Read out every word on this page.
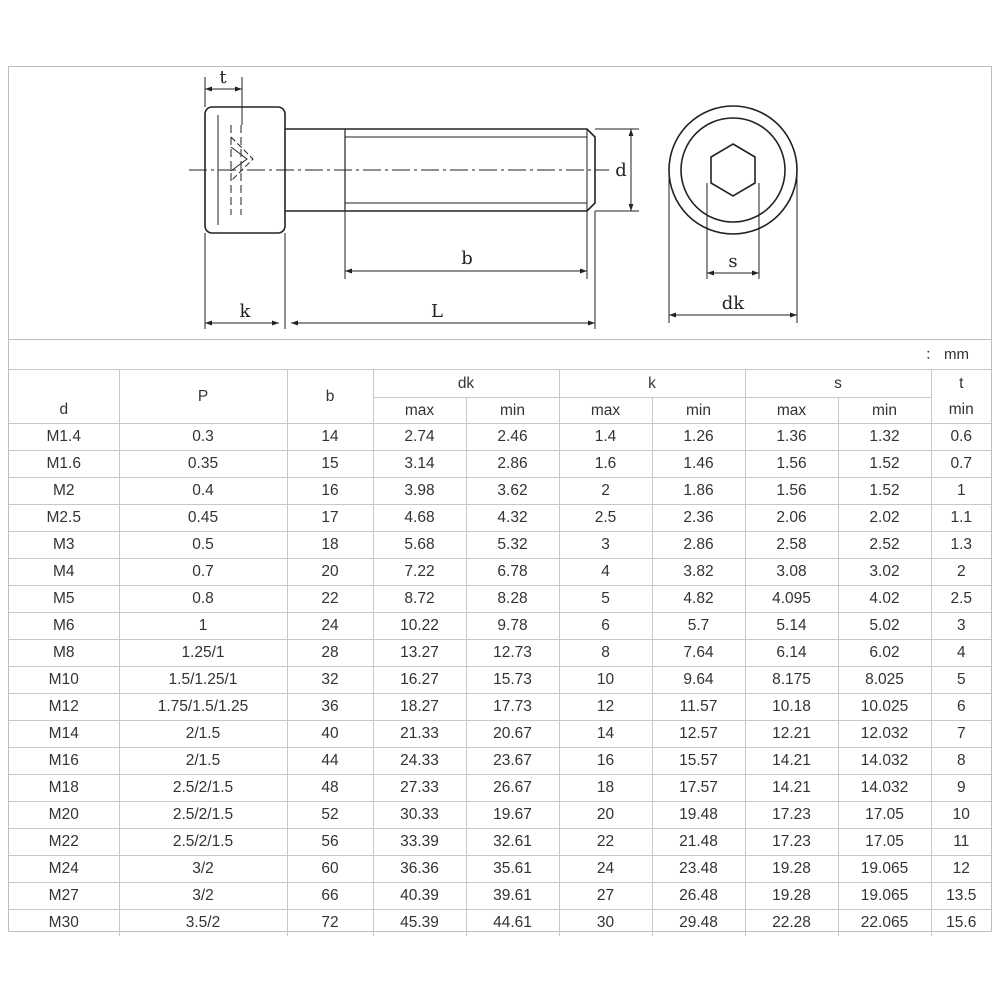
t
d
b
k	L
s
dk
： mm
d	P	b	dk		k		s		t
			max	min	max	min	max	min	min
M1.4	0.3	14	2.74	2.46	1.4	1.26	1.36	1.32	0.6
M1.6	0.35	15	3.14	2.86	1.6	1.46	1.56	1.52	0.7
M2	0.4	16	3.98	3.62	2	1.86	1.56	1.52	1
M2.5	0.45	17	4.68	4.32	2.5	2.36	2.06	2.02	1.1
M3	0.5	18	5.68	5.32	3	2.86	2.58	2.52	1.3
M4	0.7	20	7.22	6.78	4	3.82	3.08	3.02	2
M5	0.8	22	8.72	8.28	5	4.82	4.095	4.02	2.5
M6	1	24	10.22	9.78	6	5.7	5.14	5.02	3
M8	1.25/1	28	13.27	12.73	8	7.64	6.14	6.02	4
M10	1.5/1.25/1	32	16.27	15.73	10	9.64	8.175	8.025	5
M12	1.75/1.5/1.25	36	18.27	17.73	12	11.57	10.18	10.025	6
M14	2/1.5	40	21.33	20.67	14	12.57	12.21	12.032	7
M16	2/1.5	44	24.33	23.67	16	15.57	14.21	14.032	8
M18	2.5/2/1.5	48	27.33	26.67	18	17.57	14.21	14.032	9
M20	2.5/2/1.5	52	30.33	19.67	20	19.48	17.23	17.05	10
M22	2.5/2/1.5	56	33.39	32.61	22	21.48	17.23	17.05	11
M24	3/2	60	36.36	35.61	24	23.48	19.28	19.065	12
M27	3/2	66	40.39	39.61	27	26.48	19.28	19.065	13.5
M30	3.5/2	72	45.39	44.61	30	29.48	22.28	22.065	15.6
